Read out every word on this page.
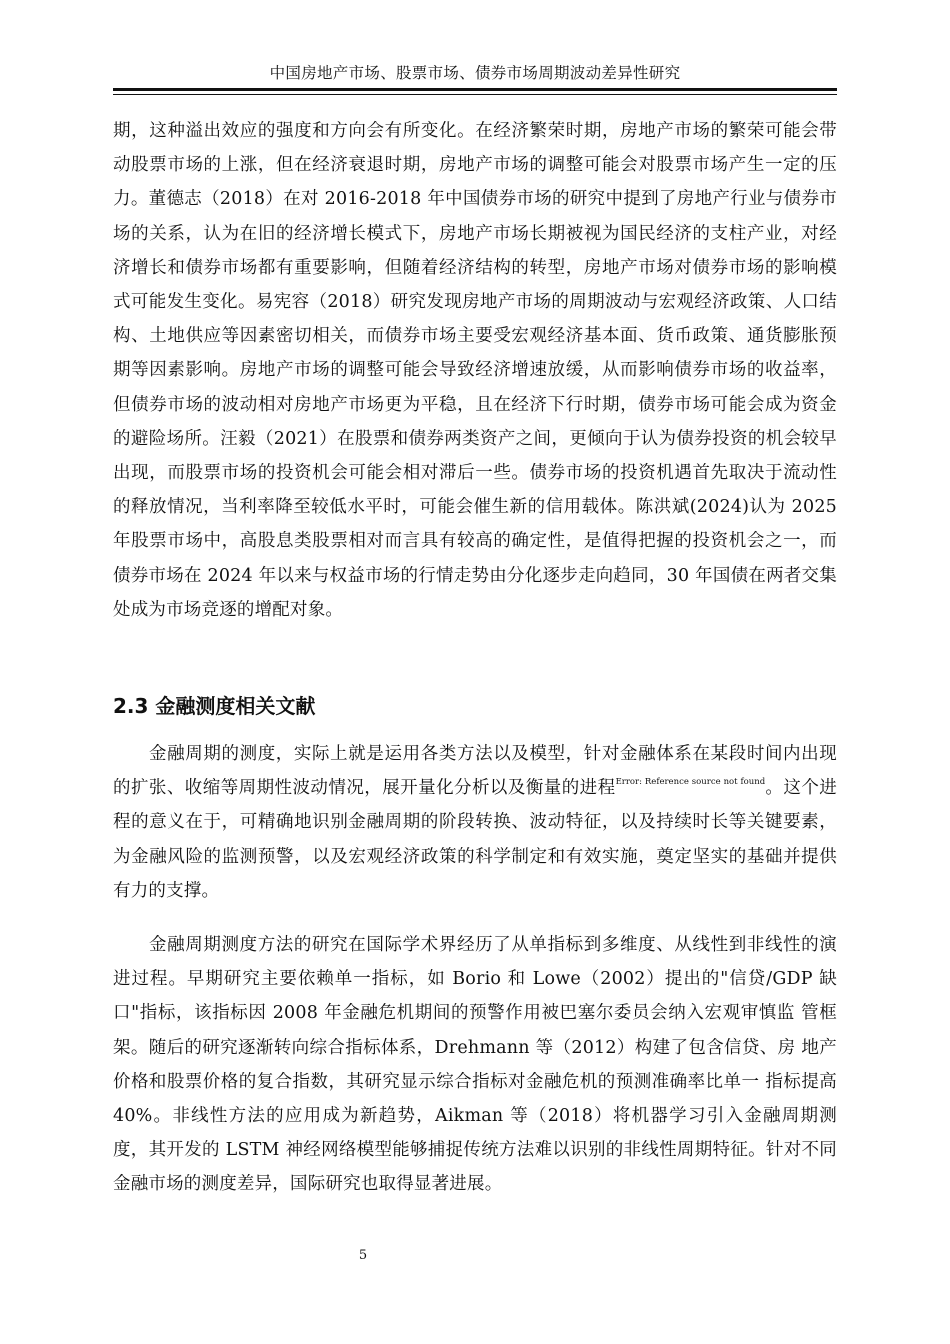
中国房地产市场、股票市场、债券市场周期波动差异性研究

期，这种溢出效应的强度和方向会有所变化。在经济繁荣时期，房地产市场的繁荣可能会带动股票市场的上涨，但在经济衰退时期，房地产市场的调整可能会对股票市场产生一定的压力。董德志（2018）在对 2016-2018 年中国债券市场的研究中提到了房地产行业与债券市场的关系，认为在旧的经济增长模式下，房地产市场长期被视为国民经济的支柱产业，对经济增长和债券市场都有重要影响，但随着经济结构的转型，房地产市场对债券市场的影响模式可能发生变化。易宪容（2018）研究发现房地产市场的周期波动与宏观经济政策、人口结构、土地供应等因素密切相关，而债券市场主要受宏观经济基本面、货币政策、通货膨胀预期等因素影响。房地产市场的调整可能会导致经济增速放缓，从而影响债券市场的收益率，但债券市场的波动相对房地产市场更为平稳，且在经济下行时期，债券市场可能会成为资金的避险场所。汪毅（2021）在股票和债券两类资产之间，更倾向于认为债券投资的机会较早出现，而股票市场的投资机会可能会相对滞后一些。债券市场的投资机遇首先取决于流动性的释放情况，当利率降至较低水平时，可能会催生新的信用载体。陈洪斌(2024)认为 2025 年股票市场中，高股息类股票相对而言具有较高的确定性，是值得把握的投资机会之一，而债券市场在 2024 年以来与权益市场的行情走势由分化逐步走向趋同，30 年国债在两者交集处成为市场竞逐的增配对象。

2.3 金融测度相关文献

金融周期的测度，实际上就是运用各类方法以及模型，针对金融体系在某段时间内出现的扩张、收缩等周期性波动情况，展开量化分析以及衡量的进程$^{Error: Reference source not found}$。这个进程的意义在于，可精确地识别金融周期的阶段转换、波动特征，以及持续时长等关键要素，为金融风险的监测预警，以及宏观经济政策的科学制定和有效实施，奠定坚实的基础并提供有力的支撑。

金融周期测度方法的研究在国际学术界经历了从单指标到多维度、从线性到非线性的演进过程。早期研究主要依赖单一指标，如 Borio 和 Lowe（2002）提出的"信贷/GDP 缺口"指标，该指标因 2008 年金融危机期间的预警作用被巴塞尔委员会纳入宏观审慎监 管框架。随后的研究逐渐转向综合指标体系，Drehmann 等（2012）构建了包含信贷、房 地产价格和股票价格的复合指数，其研究显示综合指标对金融危机的预测准确率比单一 指标提高 40%。非线性方法的应用成为新趋势，Aikman 等（2018）将机器学习引入金融周期测度，其开发的 LSTM 神经网络模型能够捕捉传统方法难以识别的非线性周期特征。针对不同金融市场的测度差异，国际研究也取得显著进展。

5
